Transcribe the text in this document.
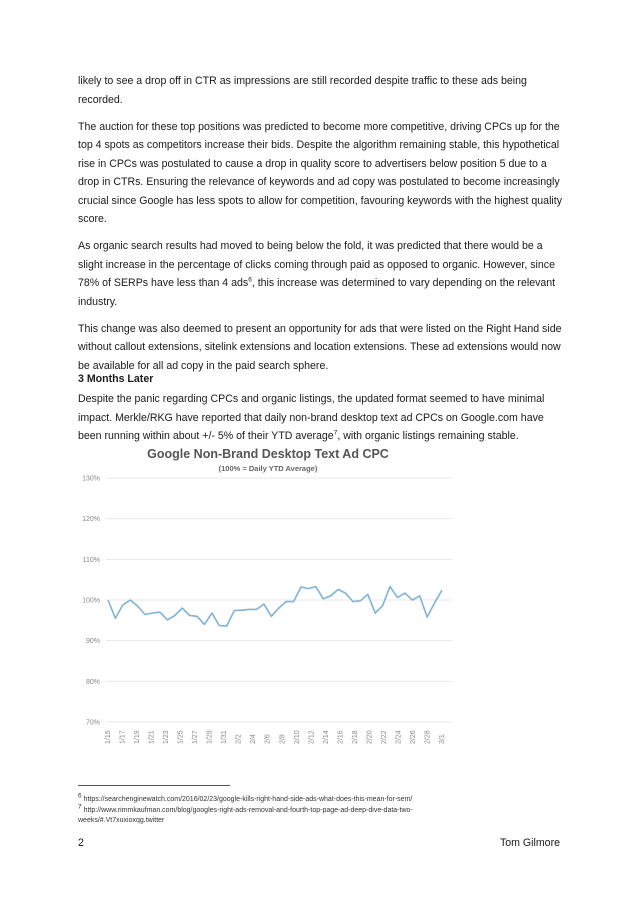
likely to see a drop off in CTR as impressions are still recorded despite traffic to these ads being recorded.

The auction for these top positions was predicted to become more competitive, driving CPCs up for the top 4 spots as competitors increase their bids. Despite the algorithm remaining stable, this hypothetical rise in CPCs was postulated to cause a drop in quality score to advertisers below position 5 due to a drop in CTRs. Ensuring the relevance of keywords and ad copy was postulated to become increasingly crucial since Google has less spots to allow for competition, favouring keywords with the highest quality score.

As organic search results had moved to being below the fold, it was predicted that there would be a slight increase in the percentage of clicks coming through paid as opposed to organic. However, since 78% of SERPs have less than 4 ads$^6$, this increase was determined to vary depending on the relevant industry.

This change was also deemed to present an opportunity for ads that were listed on the Right Hand side without callout extensions, sitelink extensions and location extensions. These ad extensions would now be available for all ad copy in the paid search sphere.

3 Months Later

Despite the panic regarding CPCs and organic listings, the updated format seemed to have minimal impact. Merkle/RKG have reported that daily non-brand desktop text ad CPCs on Google.com have been running within about +/- 5% of their YTD average$^7$, with organic listings remaining stable.

Google Non-Brand Desktop Text Ad CPC
(100% = Daily YTD Average)
130%
120%
110%
100%
90%
80%
70%
1/15 1/17 1/19 1/21 1/23 1/25 1/27 1/29 1/31 2/2 2/4 2/6 2/8 2/10 2/12 2/14 2/16 2/18 2/20 2/22 2/24 2/26 2/28 3/1
$^6$ https://searchenginewatch.com/2016/02/23/google-kills-right-hand-side-ads-what-does-this-mean-for-sem/
$^7$ http://www.rimmkaufman.com/blog/googles-right-ads-removal-and-fourth-top-page-ad-deep-dive-data-two-weeks/#.Vt7xuxioxqg.twitter
2	Tom Gilmore
